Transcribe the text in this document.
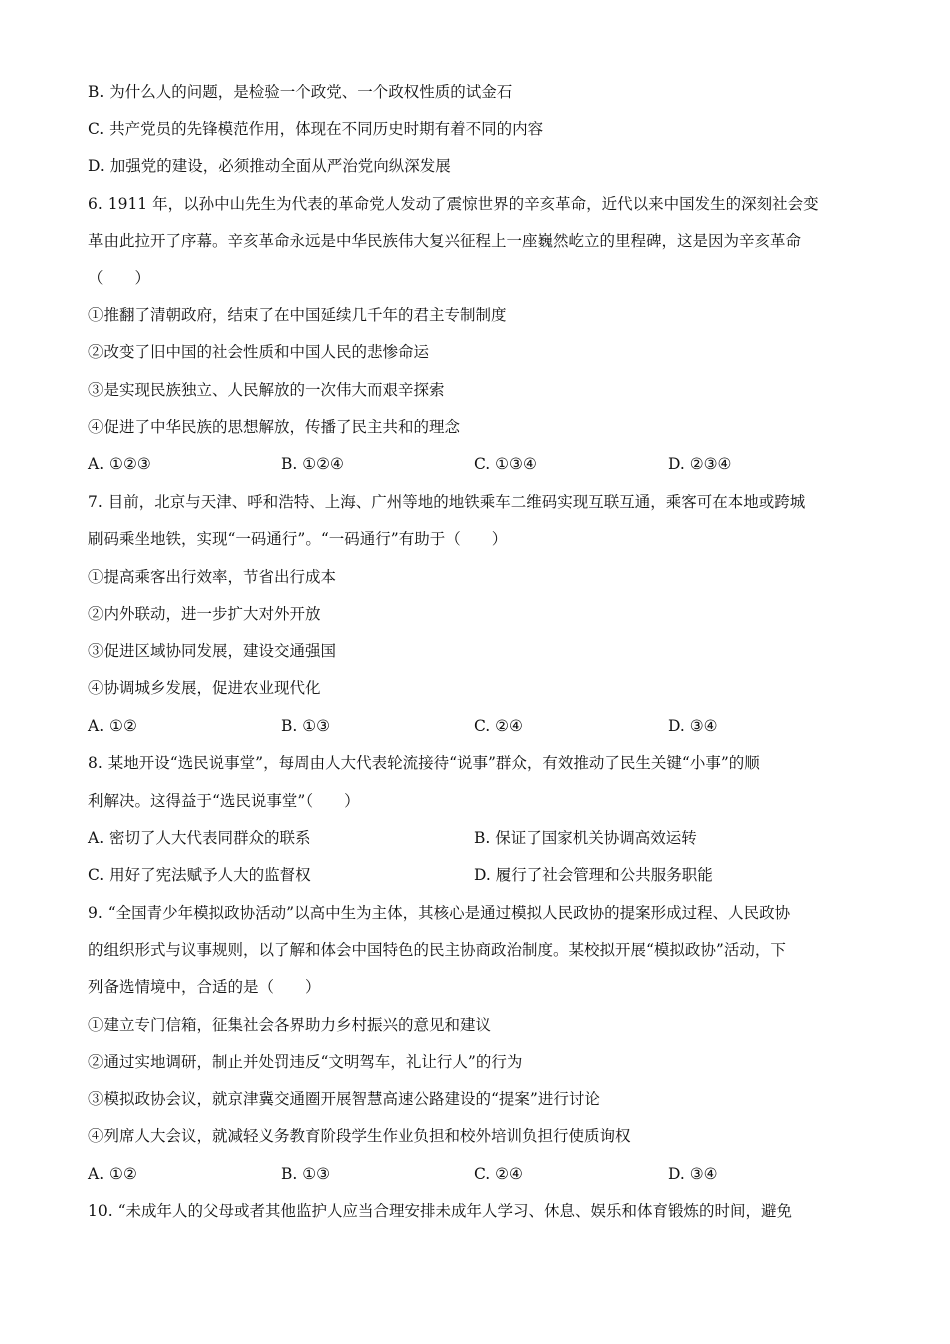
B. 为什么人的问题，是检验一个政党、一个政权性质的试金石
C. 共产党员的先锋模范作用，体现在不同历史时期有着不同的内容
D. 加强党的建设，必须推动全面从严治党向纵深发展
6. 1911 年，以孙中山先生为代表的革命党人发动了震惊世界的辛亥革命，近代以来中国发生的深刻社会变
革由此拉开了序幕。辛亥革命永远是中华民族伟大复兴征程上一座巍然屹立的里程碑，这是因为辛亥革命
（　　）
①推翻了清朝政府，结束了在中国延续几千年的君主专制制度
②改变了旧中国的社会性质和中国人民的悲惨命运
③是实现民族独立、人民解放的一次伟大而艰辛探索
④促进了中华民族的思想解放，传播了民主共和的理念
A. ①②③	B. ①②④	C. ①③④	D. ②③④
7. 目前，北京与天津、呼和浩特、上海、广州等地的地铁乘车二维码实现互联互通，乘客可在本地或跨城
刷码乘坐地铁，实现“一码通行”。“一码通行”有助于（　　）
①提高乘客出行效率，节省出行成本
②内外联动，进一步扩大对外开放
③促进区域协同发展，建设交通强国
④协调城乡发展，促进农业现代化
A. ①②	B. ①③	C. ②④	D. ③④
8. 某地开设“选民说事堂”，每周由人大代表轮流接待“说事”群众，有效推动了民生关键“小事”的顺
利解决。这得益于“选民说事堂”（　　）
A. 密切了人大代表同群众的联系	B. 保证了国家机关协调高效运转
C. 用好了宪法赋予人大的监督权	D. 履行了社会管理和公共服务职能
9. “全国青少年模拟政协活动”以高中生为主体，其核心是通过模拟人民政协的提案形成过程、人民政协
的组织形式与议事规则，以了解和体会中国特色的民主协商政治制度。某校拟开展“模拟政协”活动，下
列备选情境中，合适的是（　　）
①建立专门信箱，征集社会各界助力乡村振兴的意见和建议
②通过实地调研，制止并处罚违反“文明驾车，礼让行人”的行为
③模拟政协会议，就京津冀交通圈开展智慧高速公路建设的“提案”进行讨论
④列席人大会议，就减轻义务教育阶段学生作业负担和校外培训负担行使质询权
A. ①②	B. ①③	C. ②④	D. ③④
10. “未成年人的父母或者其他监护人应当合理安排未成年人学习、休息、娱乐和体育锻炼的时间，避免
